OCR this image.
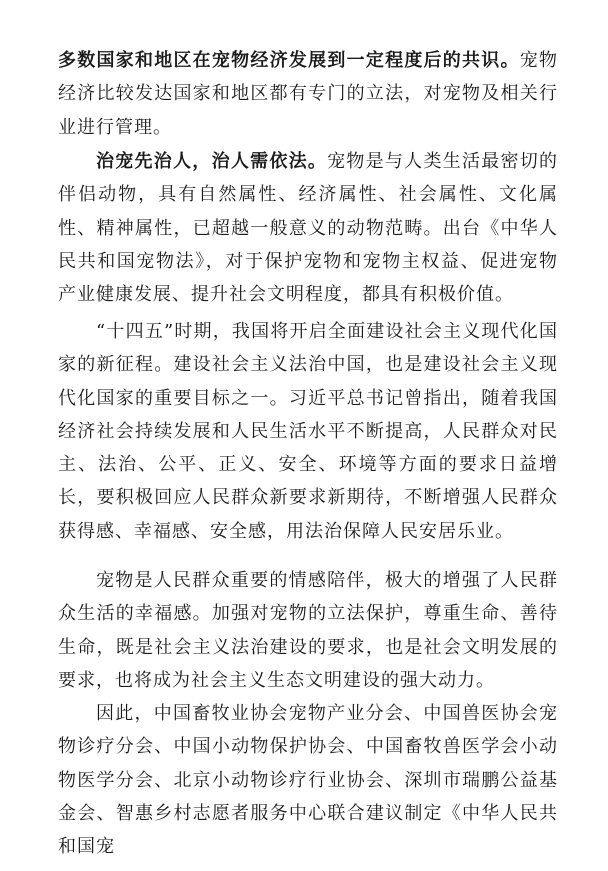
多数国家和地区在宠物经济发展到一定程度后的共识。宠物经济比较发达国家和地区都有专门的立法，对宠物及相关行业进行管理。

治宠先治人，治人需依法。宠物是与人类生活最密切的伴侣动物，具有自然属性、经济属性、社会属性、文化属性、精神属性，已超越一般意义的动物范畴。出台《中华人民共和国宠物法》，对于保护宠物和宠物主权益、促进宠物产业健康发展、提升社会文明程度，都具有积极价值。

“十四五”时期，我国将开启全面建设社会主义现代化国家的新征程。建设社会主义法治中国，也是建设社会主义现代化国家的重要目标之一。习近平总书记曾指出，随着我国经济社会持续发展和人民生活水平不断提高，人民群众对民主、法治、公平、正义、安全、环境等方面的要求日益增长，要积极回应人民群众新要求新期待，不断增强人民群众获得感、幸福感、安全感，用法治保障人民安居乐业。

宠物是人民群众重要的情感陪伴，极大的增强了人民群众生活的幸福感。加强对宠物的立法保护，尊重生命、善待生命，既是社会主义法治建设的要求，也是社会文明发展的要求，也将成为社会主义生态文明建设的强大动力。

因此，中国畜牧业协会宠物产业分会、中国兽医协会宠物诊疗分会、中国小动物保护协会、中国畜牧兽医学会小动物医学分会、北京小动物诊疗行业协会、深圳市瑞鹏公益基金会、智惠乡村志愿者服务中心联合建议制定《中华人民共和国宠
